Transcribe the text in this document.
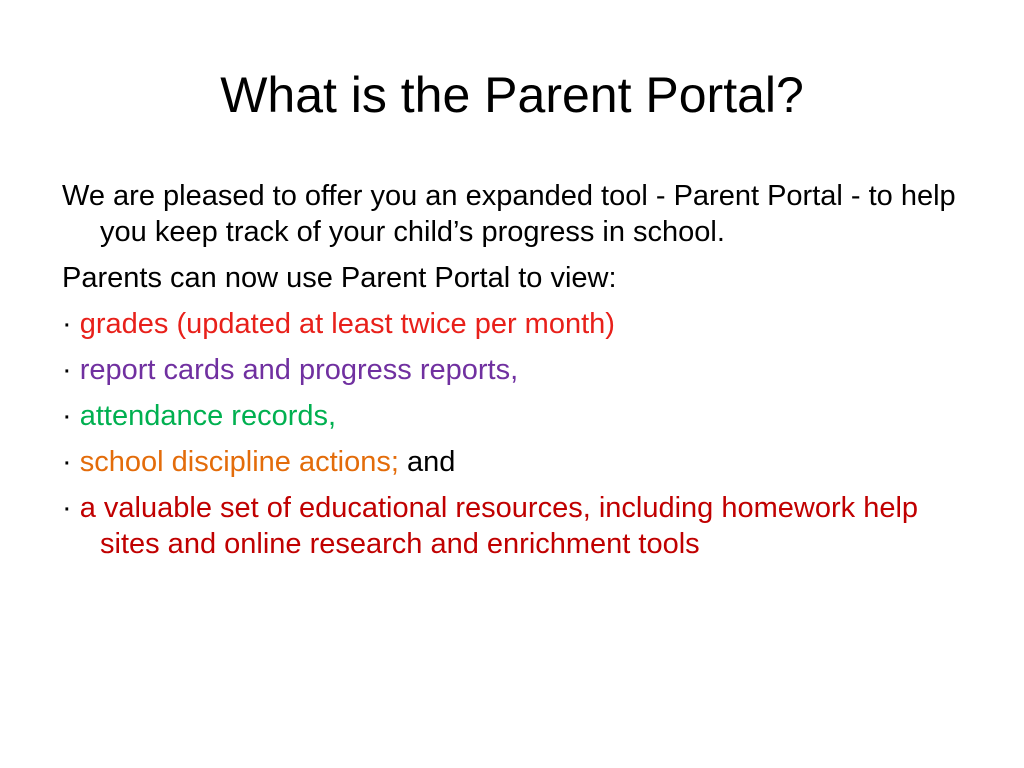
What is the Parent Portal?

We are pleased to offer you an expanded tool - Parent Portal - to help you keep track of your child’s progress in school.

Parents can now use Parent Portal to view:

· grades (updated at least twice per month)

· report cards and progress reports,

· attendance records,

· school discipline actions; and

· a valuable set of educational resources, including homework help sites and online research and enrichment tools
